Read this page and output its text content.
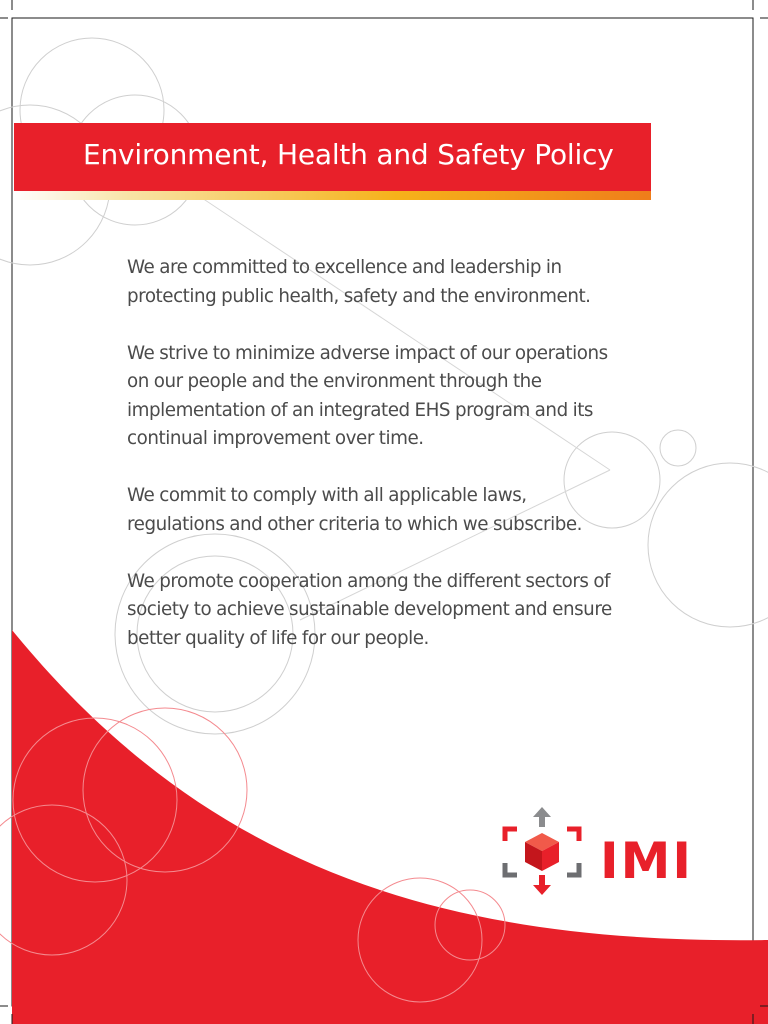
Environment, Health and Safety Policy

We are committed to excellence and leadership in
protecting public health, safety and the environment.

We strive to minimize adverse impact of our operations
on our people and the environment through the
implementation of an integrated EHS program and its
continual improvement over time.

We commit to comply with all applicable laws,
regulations and other criteria to which we subscribe.

We promote cooperation among the different sectors of
society to achieve sustainable development and ensure
better quality of life for our people.

IMI
